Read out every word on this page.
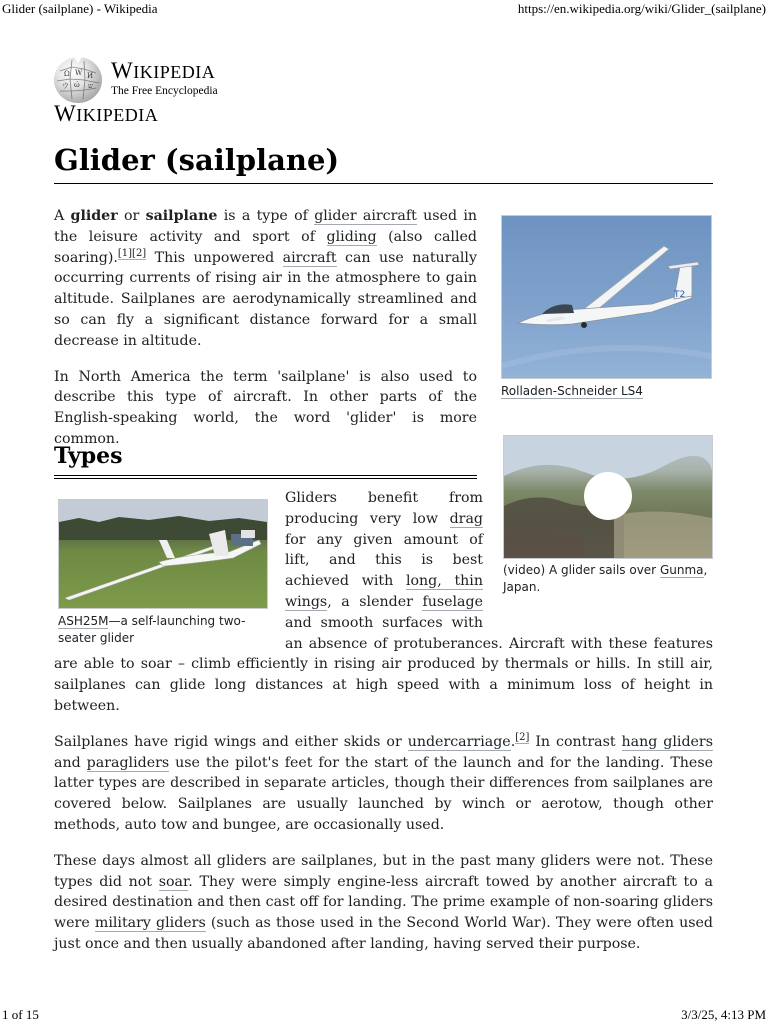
Glider (sailplane) - Wikipedia	https://en.wikipedia.org/wiki/Glider_(sailplane)
Ω W И
ウ ώ ש
WIKIPEDIA
The Free Encyclopedia
WIKIPEDIA
Glider (sailplane)

A glider or sailplane is a type of glider aircraft used in the leisure activity and sport of gliding (also called soaring).[1][2] This unpowered aircraft can use naturally occurring currents of rising air in the atmosphere to gain altitude. Sailplanes are aerodynamically streamlined and so can fly a significant distance forward for a small decrease in altitude.

In North America the term 'sailplane' is also used to describe this type of aircraft. In other parts of the English-speaking world, the word 'glider' is more common.

T2
Rolladen-Schneider LS4
Types
(video) A glider sails over Gunma, Japan.
ASH25M—a self-launching two-seater glider

Gliders benefit from producing very low drag for any given amount of lift, and this is best achieved with long, thin wings, a slender fuselage and smooth surfaces with an absence of protuberances. Aircraft with these features are able to soar – climb efficiently in rising air produced by thermals or hills. In still air, sailplanes can glide long distances at high speed with a minimum loss of height in between.

Sailplanes have rigid wings and either skids or undercarriage.[2] In contrast hang gliders and paragliders use the pilot's feet for the start of the launch and for the landing. These latter types are described in separate articles, though their differences from sailplanes are covered below. Sailplanes are usually launched by winch or aerotow, though other methods, auto tow and bungee, are occasionally used.

These days almost all gliders are sailplanes, but in the past many gliders were not. These types did not soar. They were simply engine-less aircraft towed by another aircraft to a desired destination and then cast off for landing. The prime example of non-soaring gliders were military gliders (such as those used in the Second World War). They were often used just once and then usually abandoned after landing, having served their purpose.

1 of 15	3/3/25, 4:13 PM
